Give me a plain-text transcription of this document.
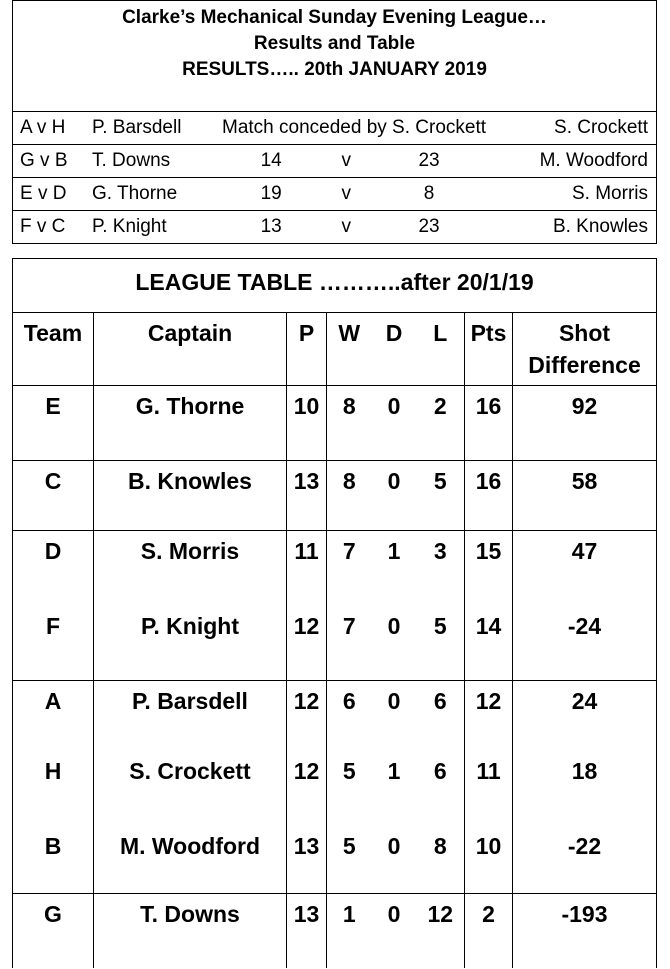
Clarke’s Mechanical Sunday Evening League…
Results and Table
RESULTS….. 20th JANUARY 2019
A v H	P. Barsdell	Match conceded by S. Crockett			S. Crockett
G v B	T. Downs	14	v	23	M. Woodford
E v D	G. Thorne	19	v	8	S. Morris
F v C	P. Knight	13	v	23	B. Knowles
LEAGUE TABLE ………..after 20/1/19
Team	Captain	P	W	D	L	Pts	Shot
Difference

E	G. Thorne	10	8	0	2	16	92
C	B. Knowles	13	8	0	5	16	58
D	S. Morris	11	7	1	3	15	47
F	P. Knight	12	7	0	5	14	-24
A	P. Barsdell	12	6	0	6	12	24
H	S. Crockett	12	5	1	6	11	18
B	M. Woodford	13	5	0	8	10	-22
G	T. Downs	13	1	0	12	2	-193
